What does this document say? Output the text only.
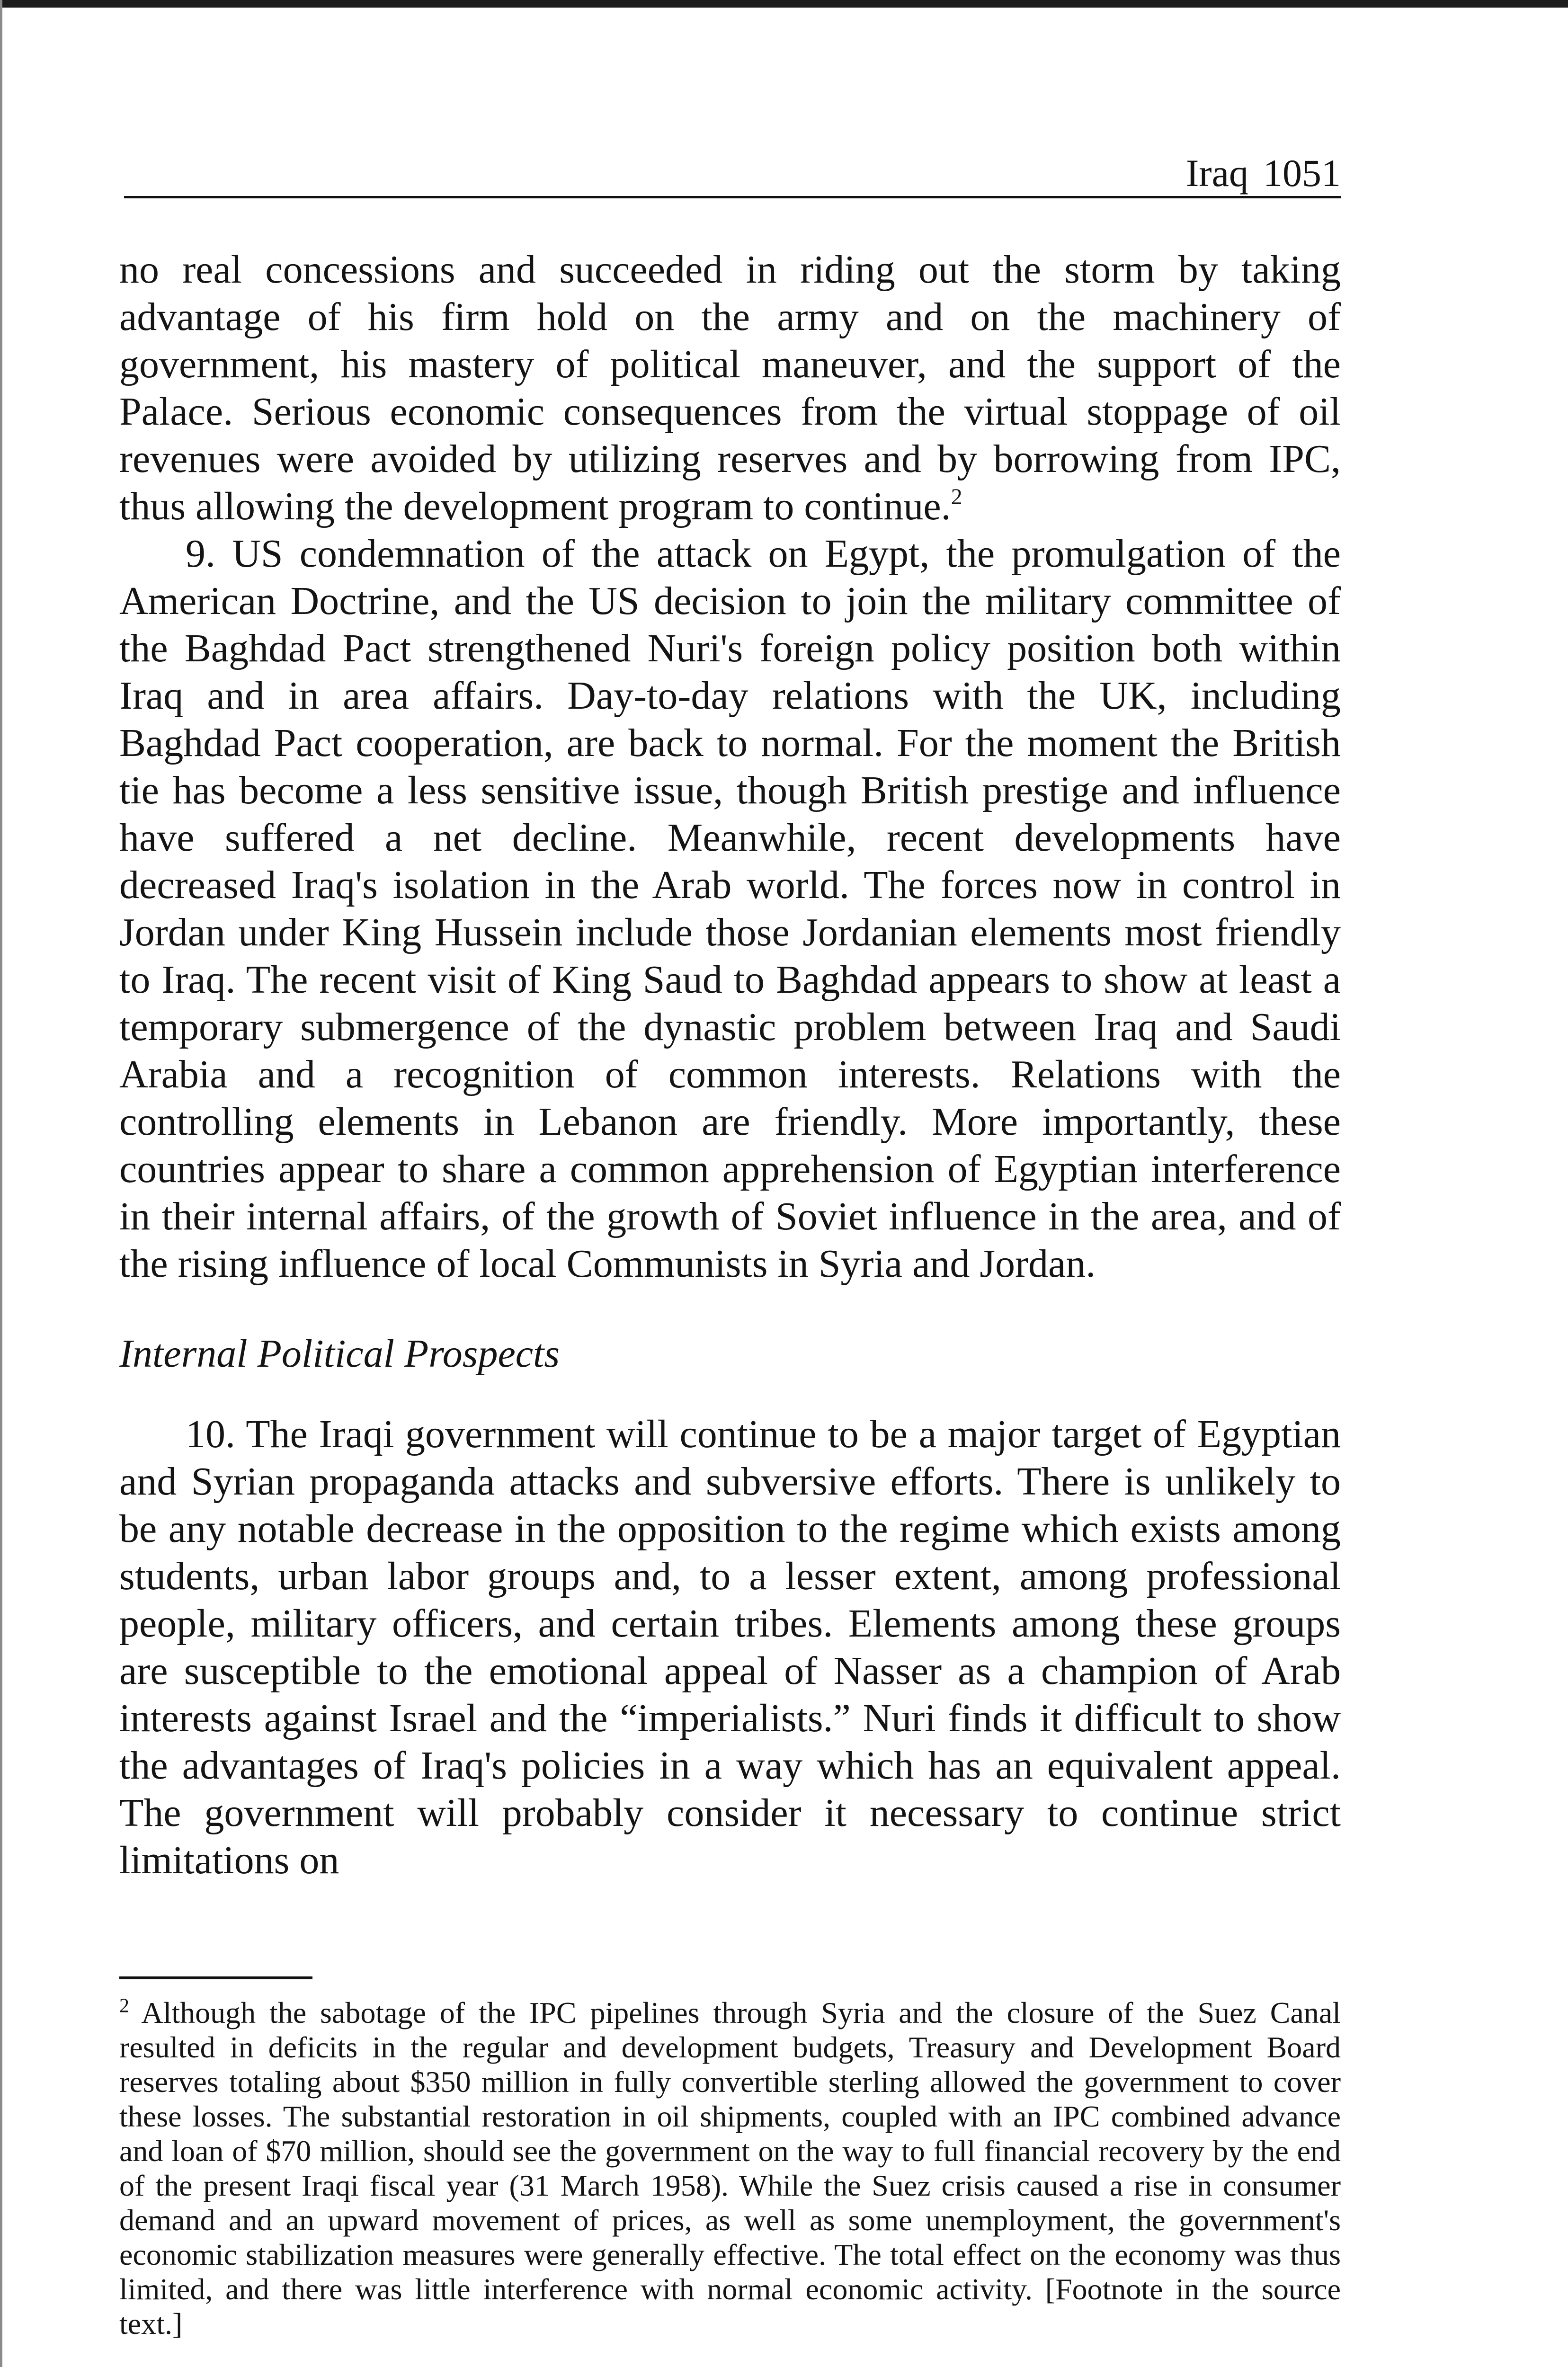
Iraq 1051

no real concessions and succeeded in riding out the storm by taking advantage of his firm hold on the army and on the machinery of government, his mastery of political maneuver, and the support of the Palace. Serious economic consequences from the virtual stoppage of oil revenues were avoided by utilizing reserves and by borrowing from IPC, thus allowing the development program to continue.$^2$

9. US condemnation of the attack on Egypt, the promulgation of the American Doctrine, and the US decision to join the military committee of the Baghdad Pact strengthened Nuri's foreign policy position both within Iraq and in area affairs. Day-to-day relations with the UK, including Baghdad Pact cooperation, are back to normal. For the moment the British tie has become a less sensitive issue, though British prestige and influence have suffered a net decline. Meanwhile, recent developments have decreased Iraq's isolation in the Arab world. The forces now in control in Jordan under King Hussein include those Jordanian elements most friendly to Iraq. The recent visit of King Saud to Baghdad appears to show at least a temporary submergence of the dynastic problem between Iraq and Saudi Arabia and a recognition of common interests. Relations with the controlling elements in Lebanon are friendly. More importantly, these countries appear to share a common apprehension of Egyptian interference in their internal affairs, of the growth of Soviet influence in the area, and of the rising influence of local Communists in Syria and Jordan.

Internal Political Prospects

10. The Iraqi government will continue to be a major target of Egyptian and Syrian propaganda attacks and subversive efforts. There is unlikely to be any notable decrease in the opposition to the regime which exists among students, urban labor groups and, to a lesser extent, among professional people, military officers, and certain tribes. Elements among these groups are susceptible to the emotional appeal of Nasser as a champion of Arab interests against Israel and the “imperialists.” Nuri finds it difficult to show the advantages of Iraq's policies in a way which has an equivalent appeal. The government will probably consider it necessary to continue strict limitations on

$^2$ Although the sabotage of the IPC pipelines through Syria and the closure of the Suez Canal resulted in deficits in the regular and development budgets, Treasury and Development Board reserves totaling about $350 million in fully convertible sterling allowed the government to cover these losses. The substantial restoration in oil shipments, coupled with an IPC combined advance and loan of $70 million, should see the government on the way to full financial recovery by the end of the present Iraqi fiscal year (31 March 1958). While the Suez crisis caused a rise in consumer demand and an upward movement of prices, as well as some unemployment, the government's economic stabilization measures were generally effective. The total effect on the economy was thus limited, and there was little interference with normal economic activity. [Footnote in the source text.]
